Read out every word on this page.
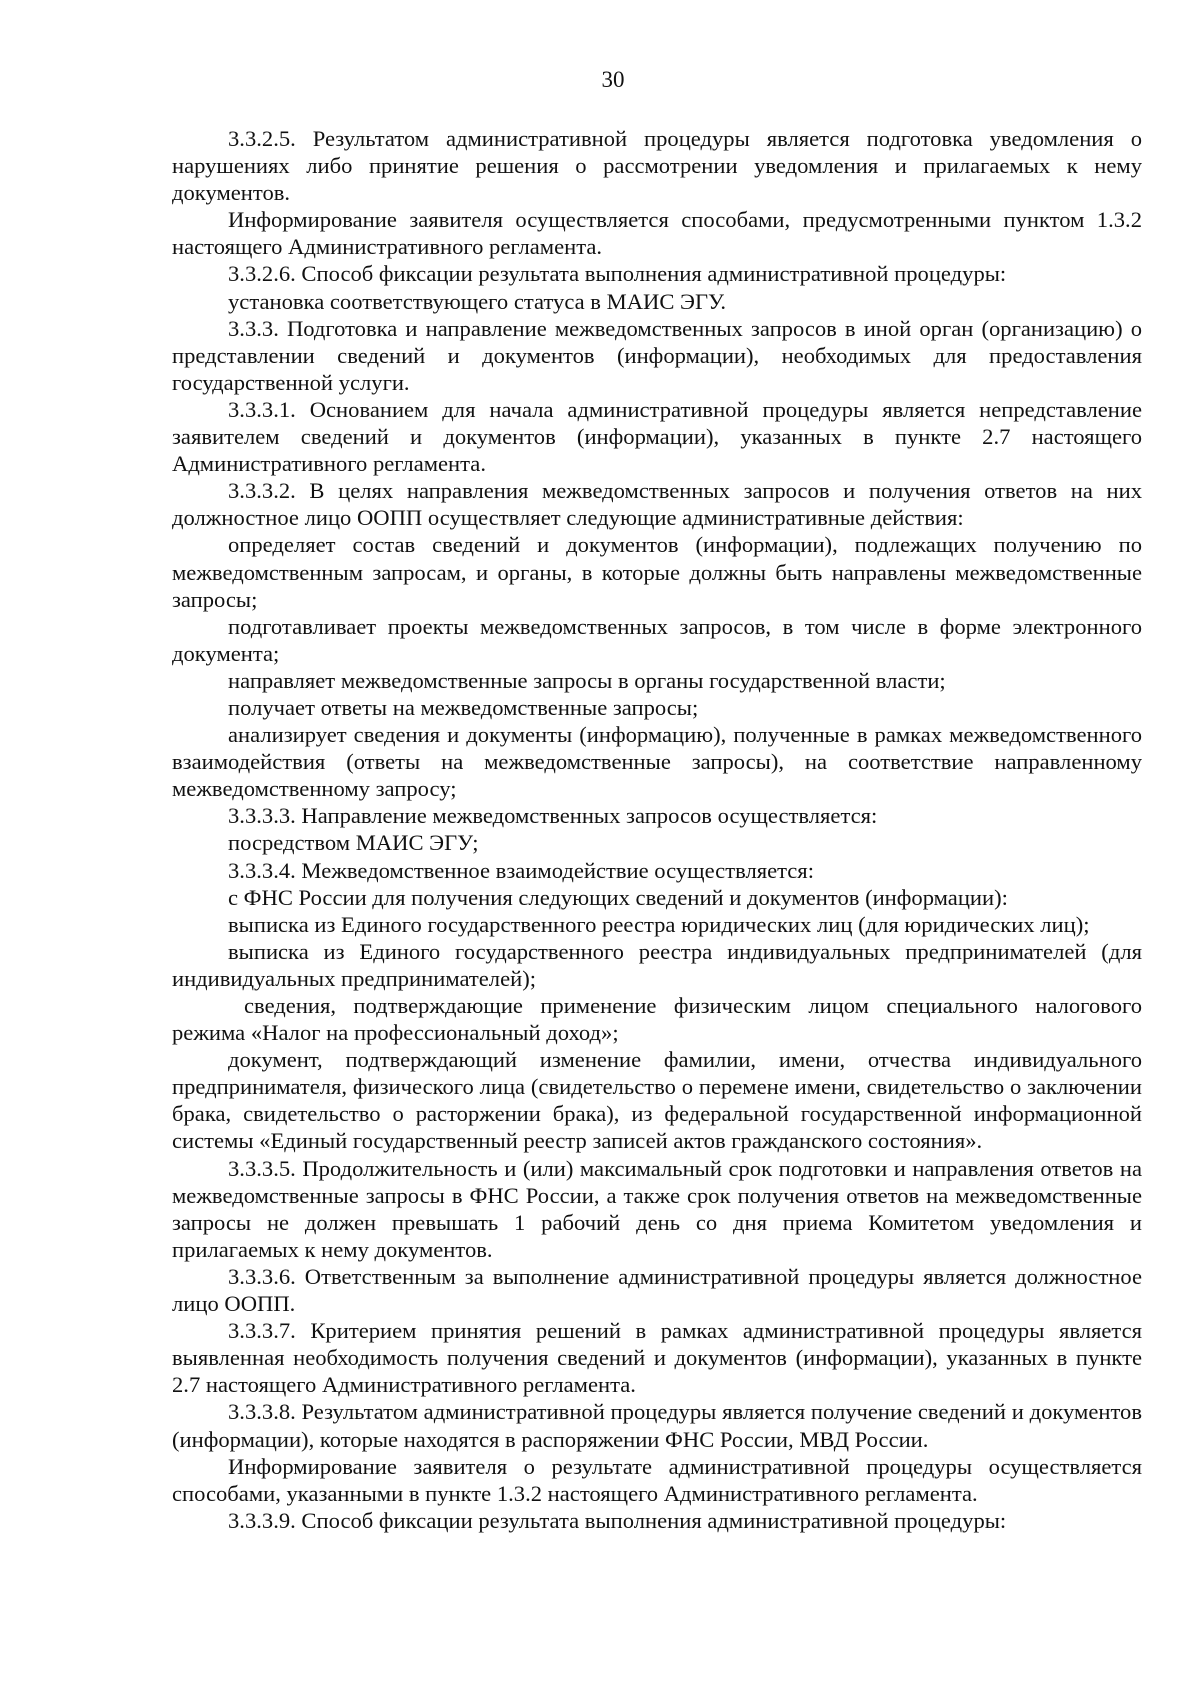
30

3.3.2.5. Результатом административной процедуры является подготовка уведомления о нарушениях либо принятие решения о рассмотрении уведомления и прилагаемых к нему документов.

Информирование заявителя осуществляется способами, предусмотренными пунктом 1.3.2 настоящего Административного регламента.

3.3.2.6. Способ фиксации результата выполнения административной процедуры:

установка соответствующего статуса в МАИС ЭГУ.

3.3.3. Подготовка и направление межведомственных запросов в иной орган (организацию) о представлении сведений и документов (информации), необходимых для предоставления государственной услуги.

3.3.3.1. Основанием для начала административной процедуры является непредставление заявителем сведений и документов (информации), указанных в пункте 2.7 настоящего Административного регламента.

3.3.3.2. В целях направления межведомственных запросов и получения ответов на них должностное лицо ООПП осуществляет следующие административные действия:

определяет состав сведений и документов (информации), подлежащих получению по межведомственным запросам, и органы, в которые должны быть направлены межведомственные запросы;

подготавливает проекты межведомственных запросов, в том числе в форме электронного документа;

направляет межведомственные запросы в органы государственной власти;

получает ответы на межведомственные запросы;

анализирует сведения и документы (информацию), полученные в рамках межведомственного взаимодействия (ответы на межведомственные запросы), на соответствие направленному межведомственному запросу;

3.3.3.3. Направление межведомственных запросов осуществляется:

посредством МАИС ЭГУ;

3.3.3.4. Межведомственное взаимодействие осуществляется:

с ФНС России для получения следующих сведений и документов (информации):

выписка из Единого государственного реестра юридических лиц (для юридических лиц);

выписка из Единого государственного реестра индивидуальных предпринимателей (для индивидуальных предпринимателей);

сведения, подтверждающие применение физическим лицом специального налогового режима «Налог на профессиональный доход»;

документ, подтверждающий изменение фамилии, имени, отчества индивидуального предпринимателя, физического лица (свидетельство о перемене имени, свидетельство о заключении брака, свидетельство о расторжении брака), из федеральной государственной информационной системы «Единый государственный реестр записей актов гражданского состояния».

3.3.3.5. Продолжительность и (или) максимальный срок подготовки и направления ответов на межведомственные запросы в ФНС России, а также срок получения ответов на межведомственные запросы не должен превышать 1 рабочий день со дня приема Комитетом уведомления и прилагаемых к нему документов.

3.3.3.6. Ответственным за выполнение административной процедуры является должностное лицо ООПП.

3.3.3.7. Критерием принятия решений в рамках административной процедуры является выявленная необходимость получения сведений и документов (информации), указанных в пункте 2.7 настоящего Административного регламента.

3.3.3.8. Результатом административной процедуры является получение сведений и документов (информации), которые находятся в распоряжении ФНС России, МВД России.

Информирование заявителя о результате административной процедуры осуществляется способами, указанными в пункте 1.3.2 настоящего Административного регламента.

3.3.3.9. Способ фиксации результата выполнения административной процедуры:
